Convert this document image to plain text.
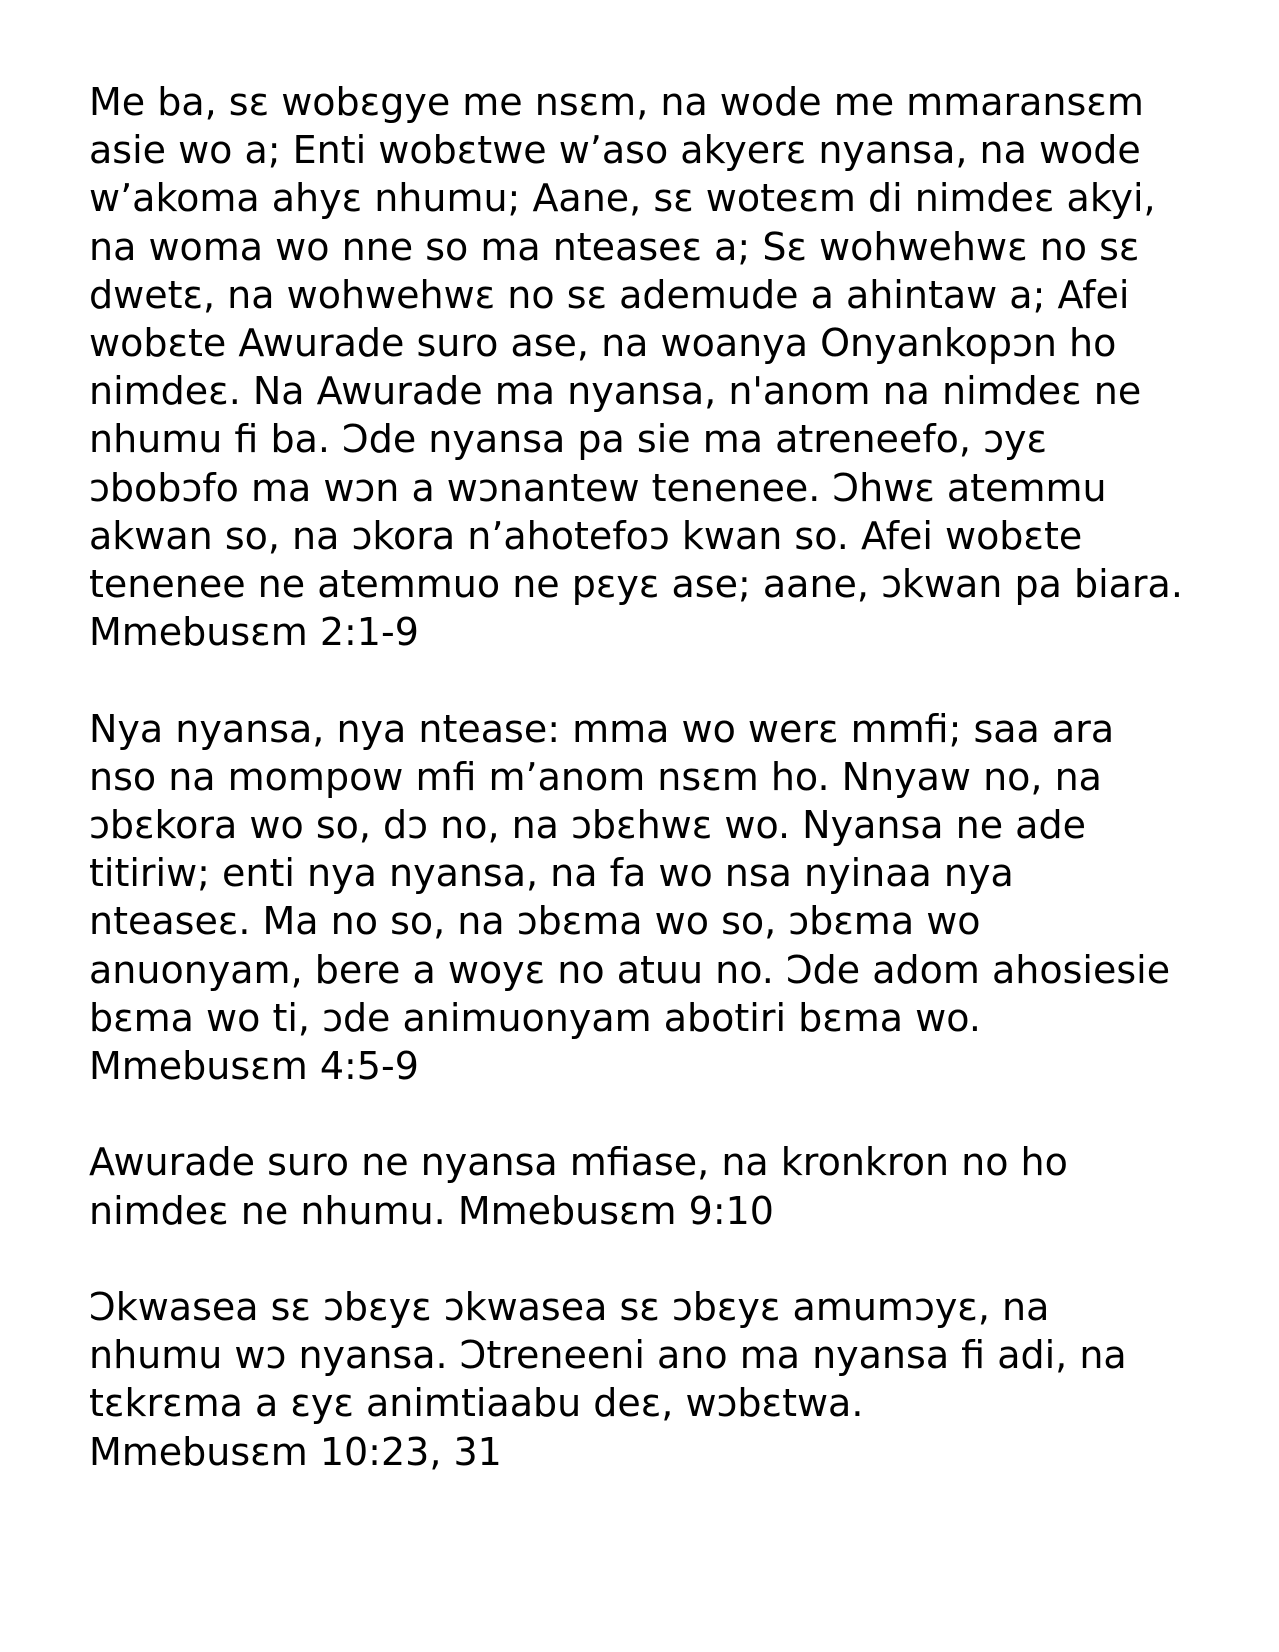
Me ba, sɛ wobɛgye me nsɛm, na wode me mmaransɛm
asie wo a; Enti wobɛtwe w’aso akyerɛ nyansa, na wode
w’akoma ahyɛ nhumu; Aane, sɛ woteɛm di nimdeɛ akyi,
na woma wo nne so ma nteaseɛ a; Sɛ wohwehwɛ no sɛ
dwetɛ, na wohwehwɛ no sɛ ademude a ahintaw a; Afei
wobɛte Awurade suro ase, na woanya Onyankopɔn ho
nimdeɛ. Na Awurade ma nyansa, n'anom na nimdeɛ ne
nhumu fi ba. Ɔde nyansa pa sie ma atreneefo, ɔyɛ
ɔbobɔfo ma wɔn a wɔnantew tenenee. Ɔhwɛ atemmu
akwan so, na ɔkora n’ahotefoɔ kwan so. Afei wobɛte
tenenee ne atemmuo ne pɛyɛ ase; aane, ɔkwan pa biara.
Mmebusɛm 2:1-9
Nya nyansa, nya ntease: mma wo werɛ mmfi; saa ara
nso na mompow mfi m’anom nsɛm ho. Nnyaw no, na
ɔbɛkora wo so, dɔ no, na ɔbɛhwɛ wo. Nyansa ne ade
titiriw; enti nya nyansa, na fa wo nsa nyinaa nya
nteaseɛ. Ma no so, na ɔbɛma wo so, ɔbɛma wo
anuonyam, bere a woyɛ no atuu no. Ɔde adom ahosiesie
bɛma wo ti, ɔde animuonyam abotiri bɛma wo.
Mmebusɛm 4:5-9
Awurade suro ne nyansa mfiase, na kronkron no ho
nimdeɛ ne nhumu. Mmebusɛm 9:10
Ɔkwasea sɛ ɔbɛyɛ ɔkwasea sɛ ɔbɛyɛ amumɔyɛ, na
nhumu wɔ nyansa. Ɔtreneeni ano ma nyansa fi adi, na
tɛkrɛma a ɛyɛ animtiaabu deɛ, wɔbɛtwa.
Mmebusɛm 10:23, 31
